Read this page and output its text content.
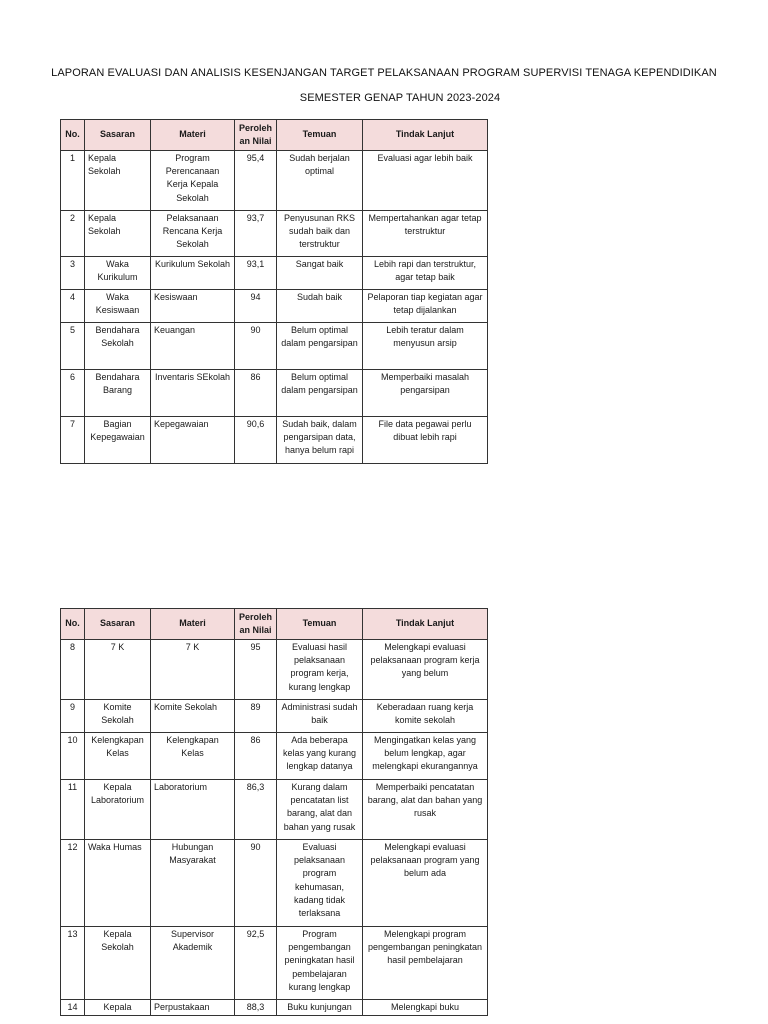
LAPORAN EVALUASI DAN ANALISIS KESENJANGAN TARGET PELAKSANAAN PROGRAM SUPERVISI TENAGA KEPENDIDIKAN
SEMESTER GENAP TAHUN 2023-2024
No.	Sasaran	Materi	Peroleh an Nilai	Temuan	Tindak Lanjut
1	Kepala Sekolah	Program Perencanaan Kerja Kepala Sekolah	95,4	Sudah berjalan optimal	Evaluasi agar lebih baik
2	Kepala Sekolah	Pelaksanaan Rencana Kerja Sekolah	93,7	Penyusunan RKS sudah baik dan terstruktur	Mempertahankan agar tetap terstruktur
3	Waka Kurikulum	Kurikulum Sekolah	93,1	Sangat baik	Lebih rapi dan terstruktur, agar tetap baik
4	Waka Kesiswaan	Kesiswaan	94	Sudah baik	Pelaporan tiap kegiatan agar tetap dijalankan
5	Bendahara Sekolah	Keuangan	90	Belum optimal dalam pengarsipan	Lebih teratur dalam menyusun arsip
6	Bendahara Barang	Inventaris SEkolah	86	Belum optimal dalam pengarsipan	Memperbaiki masalah pengarsipan
7	Bagian Kepegawaian	Kepegawaian	90,6	Sudah baik, dalam pengarsipan data, hanya belum rapi	File data pegawai perlu dibuat lebih rapi
No.	Sasaran	Materi	Peroleh an Nilai	Temuan	Tindak Lanjut
8	7 K	7 K	95	Evaluasi hasil pelaksanaan program kerja, kurang lengkap	Melengkapi evaluasi pelaksanaan program kerja yang belum
9	Komite Sekolah	Komite Sekolah	89	Administrasi sudah baik	Keberadaan ruang kerja komite sekolah
10	Kelengkapan Kelas	Kelengkapan Kelas	86	Ada beberapa kelas yang kurang lengkap datanya	Mengingatkan kelas yang belum lengkap, agar melengkapi ekurangannya
11	Kepala Laboratorium	Laboratorium	86,3	Kurang dalam pencatatan list barang, alat dan bahan yang rusak	Memperbaiki pencatatan barang, alat dan bahan yang rusak
12	Waka Humas	Hubungan Masyarakat	90	Evaluasi pelaksanaan program kehumasan, kadang tidak terlaksana	Melengkapi evaluasi pelaksanaan program yang belum ada
13	Kepala Sekolah	Supervisor Akademik	92,5	Program pengembangan peningkatan hasil pembelajaran kurang lengkap	Melengkapi program pengembangan peningkatan hasil pembelajaran
14	Kepala	Perpustakaan	88,3	Buku kunjungan	Melengkapi buku
